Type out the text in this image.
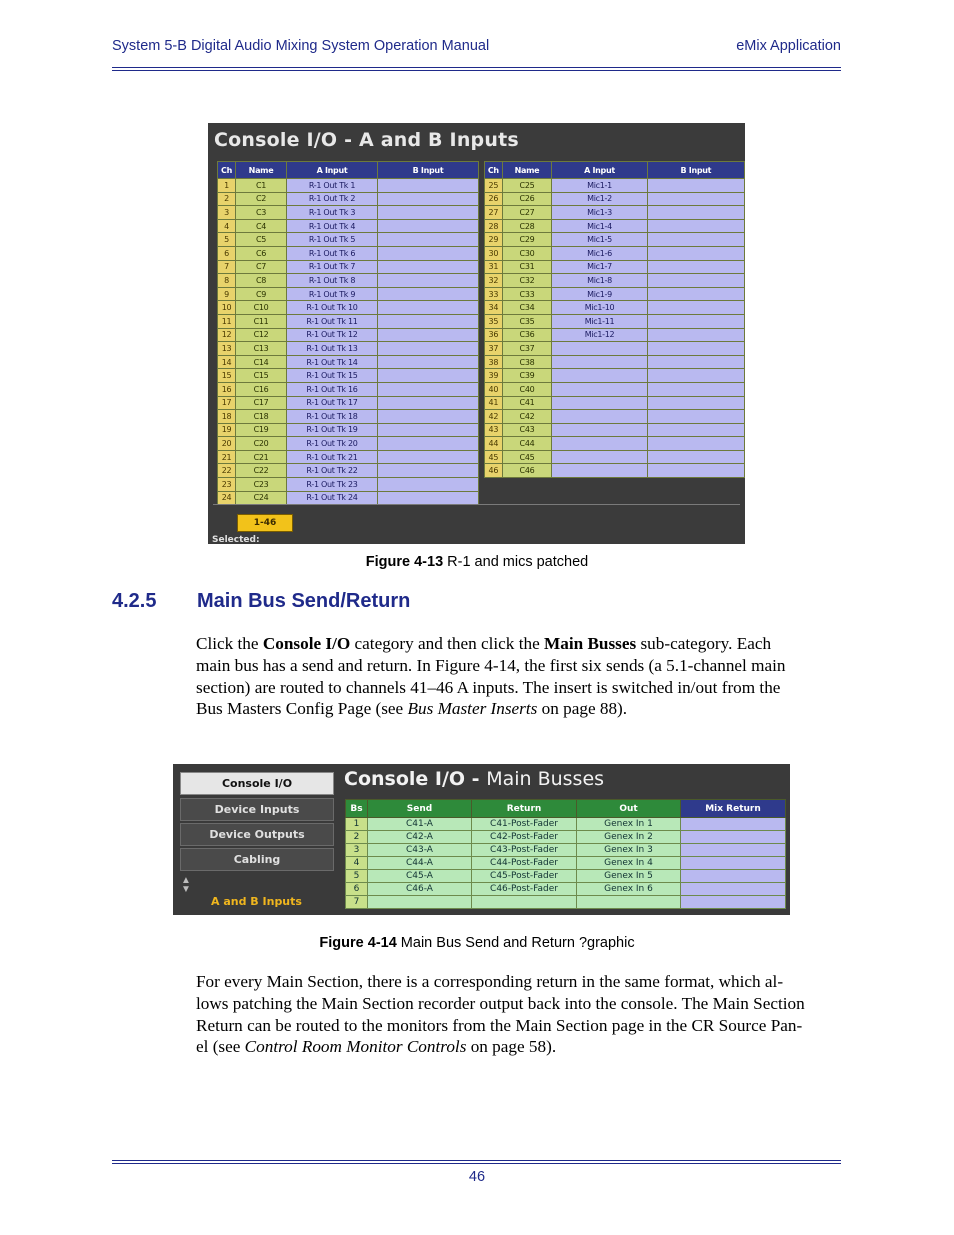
System 5-B Digital Audio Mixing System Operation Manual	eMix Application
Console I/O - A and B Inputs
Ch	Name	A Input	B Input
1	C1	R-1 Out Tk 1	
2	C2	R-1 Out Tk 2	
3	C3	R-1 Out Tk 3	
4	C4	R-1 Out Tk 4	
5	C5	R-1 Out Tk 5	
6	C6	R-1 Out Tk 6	
7	C7	R-1 Out Tk 7	
8	C8	R-1 Out Tk 8	
9	C9	R-1 Out Tk 9	
10	C10	R-1 Out Tk 10	
11	C11	R-1 Out Tk 11	
12	C12	R-1 Out Tk 12	
13	C13	R-1 Out Tk 13	
14	C14	R-1 Out Tk 14	
15	C15	R-1 Out Tk 15	
16	C16	R-1 Out Tk 16	
17	C17	R-1 Out Tk 17	
18	C18	R-1 Out Tk 18	
19	C19	R-1 Out Tk 19	
20	C20	R-1 Out Tk 20	
21	C21	R-1 Out Tk 21	
22	C22	R-1 Out Tk 22	
23	C23	R-1 Out Tk 23	
24	C24	R-1 Out Tk 24	
Ch	Name	A Input	B Input
25	C25	Mic1-1	
26	C26	Mic1-2	
27	C27	Mic1-3	
28	C28	Mic1-4	
29	C29	Mic1-5	
30	C30	Mic1-6	
31	C31	Mic1-7	
32	C32	Mic1-8	
33	C33	Mic1-9	
34	C34	Mic1-10	
35	C35	Mic1-11	
36	C36	Mic1-12	
37	C37		
38	C38		
39	C39		
40	C40		
41	C41		
42	C42		
43	C43		
44	C44		
45	C45		
46	C46		
1-46
Selected:
Figure 4-13 R-1 and mics patched
4.2.5 Main Bus Send/Return
Click the Console I/O category and then click the Main Busses sub-category. Each
main bus has a send and return. In Figure 4-14, the first six sends (a 5.1-channel main
section) are routed to channels 41–46 A inputs. The insert is switched in/out from the
Bus Masters Config Page (see Bus Master Inserts on page 88).
Console I/O
Device Inputs
Device Outputs
Cabling
▲
▼
A and B Inputs
Console I/O - Main Busses
Bs	Send	Return	Out	Mix Return
1	C41-A	C41-Post-Fader	Genex In 1	
2	C42-A	C42-Post-Fader	Genex In 2	
3	C43-A	C43-Post-Fader	Genex In 3	
4	C44-A	C44-Post-Fader	Genex In 4	
5	C45-A	C45-Post-Fader	Genex In 5	
6	C46-A	C46-Post-Fader	Genex In 6	
7				
Figure 4-14 Main Bus Send and Return ?graphic
For every Main Section, there is a corresponding return in the same format, which al-
lows patching the Main Section recorder output back into the console. The Main Section
Return can be routed to the monitors from the Main Section page in the CR Source Pan-
el (see Control Room Monitor Controls on page 58).
46
